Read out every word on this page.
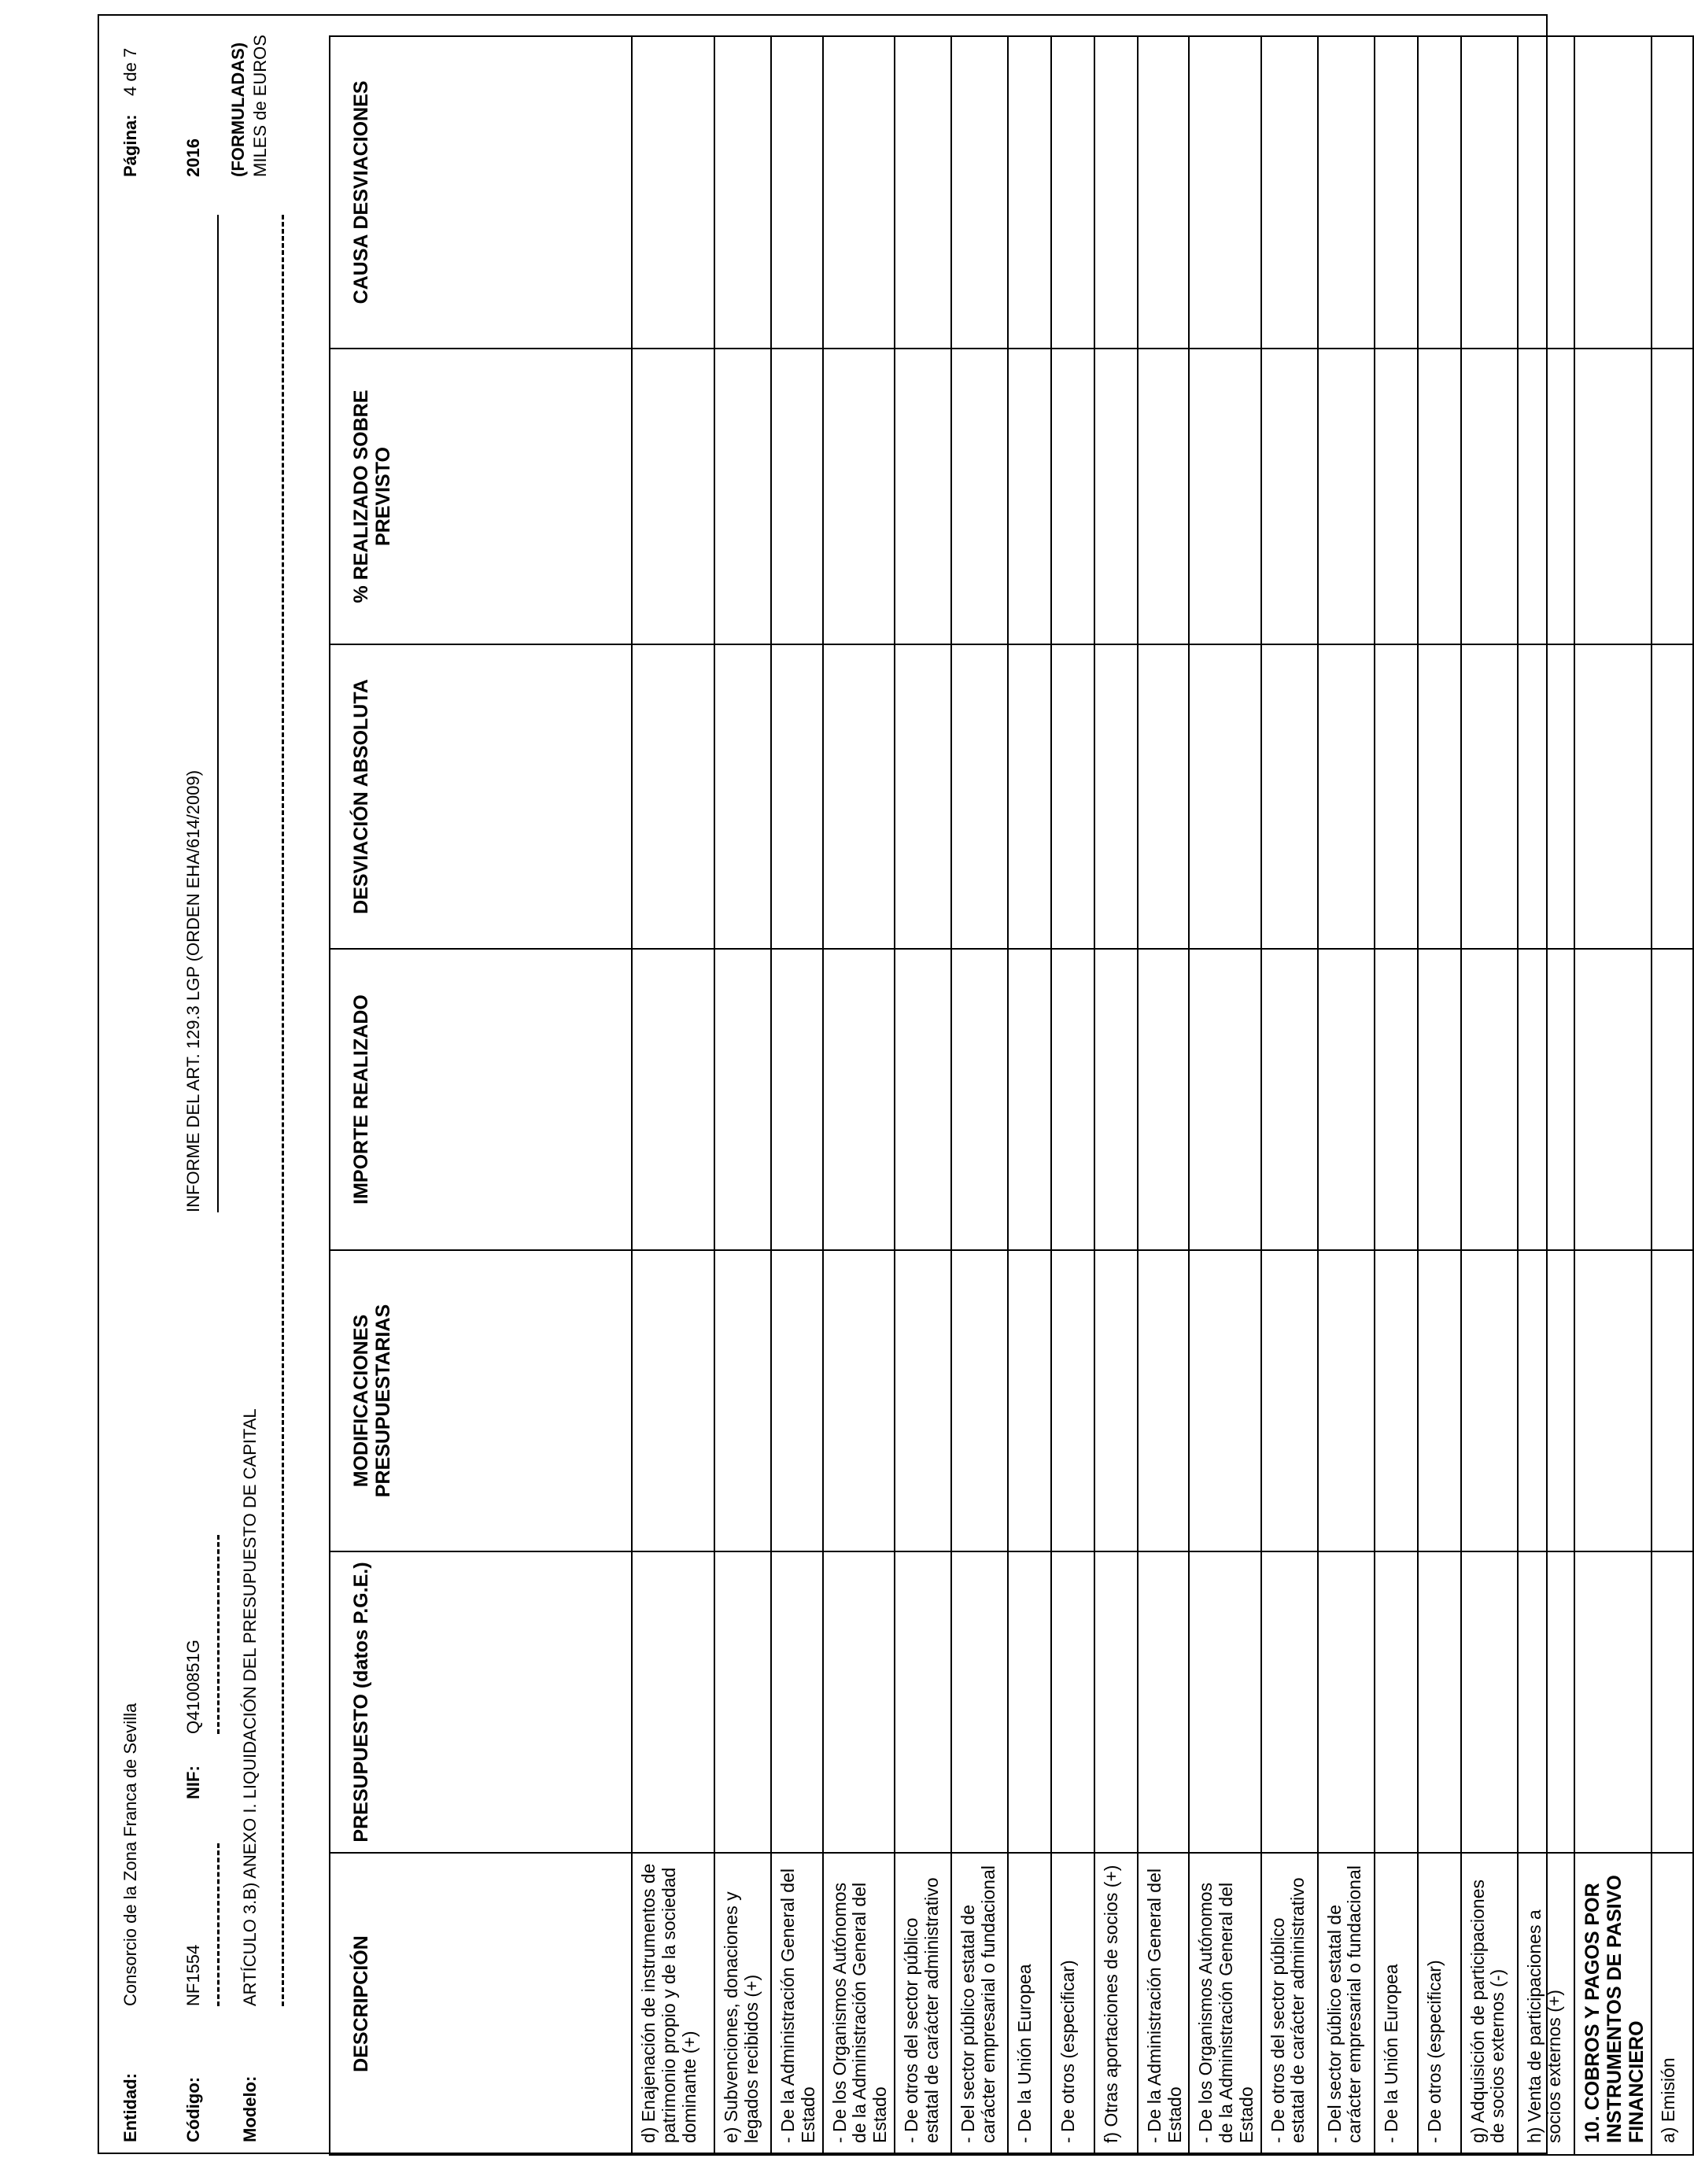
Entidad:
Consorcio de la Zona Franca de Sevilla
Página:
4 de 7
Código:
NF1554
NIF:
Q4100851G
INFORME DEL ART. 129.3 LGP (ORDEN EHA/614/2009)
2016 (FORMULADAS)
Modelo:
ARTÍCULO 3.B) ANEXO I. LIQUIDACIÓN DEL PRESUPUESTO DE CAPITAL
MILES de EUROS
DESCRIPCIÓN	PRESUPUESTO (datos P.G.E.)	MODIFICACIONES PRESUPUESTARIAS	IMPORTE REALIZADO	DESVIACIÓN ABSOLUTA	% REALIZADO SOBRE PREVISTO	CAUSA DESVIACIONES
d) Enajenación de instrumentos de patrimonio propio y de la sociedad dominante (+)						
e) Subvenciones, donaciones y legados recibidos (+)						
- De la Administración General del Estado						
- De los Organismos Autónomos de la Administración General del Estado						
- De otros del sector público estatal de carácter administrativo						
- Del sector público estatal de carácter empresarial o fundacional						
- De la Unión Europea						
- De otros (especificar)						
f) Otras aportaciones de socios (+)						
- De la Administración General del Estado						
- De los Organismos Autónomos de la Administración General del Estado						
- De otros del sector público estatal de carácter administrativo						
- Del sector público estatal de carácter empresarial o fundacional						
- De la Unión Europea						
- De otros (especificar)						
g) Adquisición de participaciones de socios externos (-)						
h) Venta de participaciones a socios externos (+)						
10. COBROS Y PAGOS POR INSTRUMENTOS DE PASIVO FINANCIERO						
a) Emisión						
